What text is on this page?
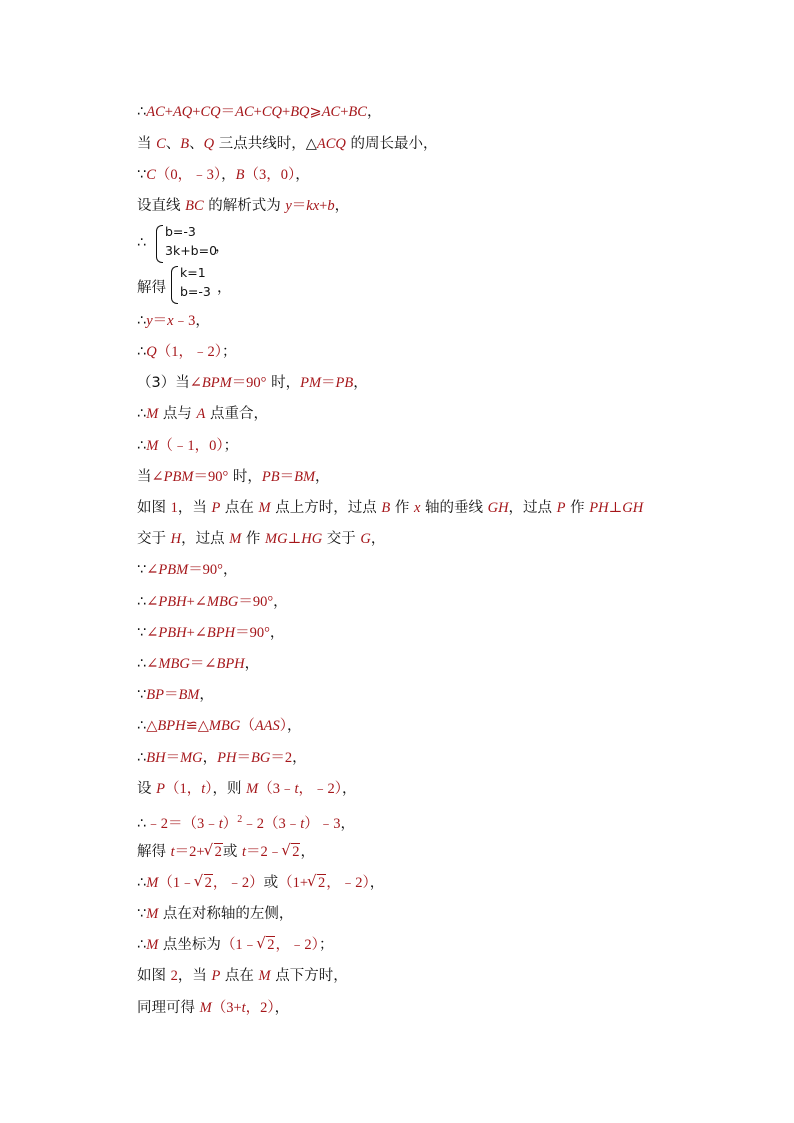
∴AC+AQ+CQ＝AC+CQ+BQ⩾AC+BC，
当 C、B、Q 三点共线时，△ACQ 的周长最小，
∵C（0，﹣3），B（3，0），
设直线 BC 的解析式为 y＝kx+b，
∴
b=-3
3k+b=0
，
解得
k=1
b=-3 ，
∴y＝x﹣3，
∴Q（1，﹣2）；
（3）当∠BPM＝90° 时，PM＝PB，
∴M 点与 A 点重合，
∴M（﹣1，0）；
当∠PBM＝90° 时，PB＝BM，
如图 1，当 P 点在 M 点上方时，过点 B 作 x 轴的垂线 GH，过点 P 作 PH⊥GH
交于 H，过点 M 作 MG⊥HG 交于 G，
∵∠PBM＝90°，
∴∠PBH+∠MBG＝90°，
∵∠PBH+∠BPH＝90°，
∴∠MBG＝∠BPH，
∵BP＝BM，
∴△BPH≌△MBG（AAS），
∴BH＝MG，PH＝BG＝2，
设 P（1，t），则 M（3﹣t，﹣2），
∴﹣2＝（3﹣t）$^2$﹣2（3﹣t）﹣3，
解得 t＝2+ √ 2或 t＝2﹣ √ 2，
∴M（1﹣ √ 2，﹣2）或（1+ √ 2，﹣2），
∵M 点在对称轴的左侧，
∴M 点坐标为（1﹣ √ 2，﹣2）；
如图 2，当 P 点在 M 点下方时，
同理可得 M（3+t，2），
